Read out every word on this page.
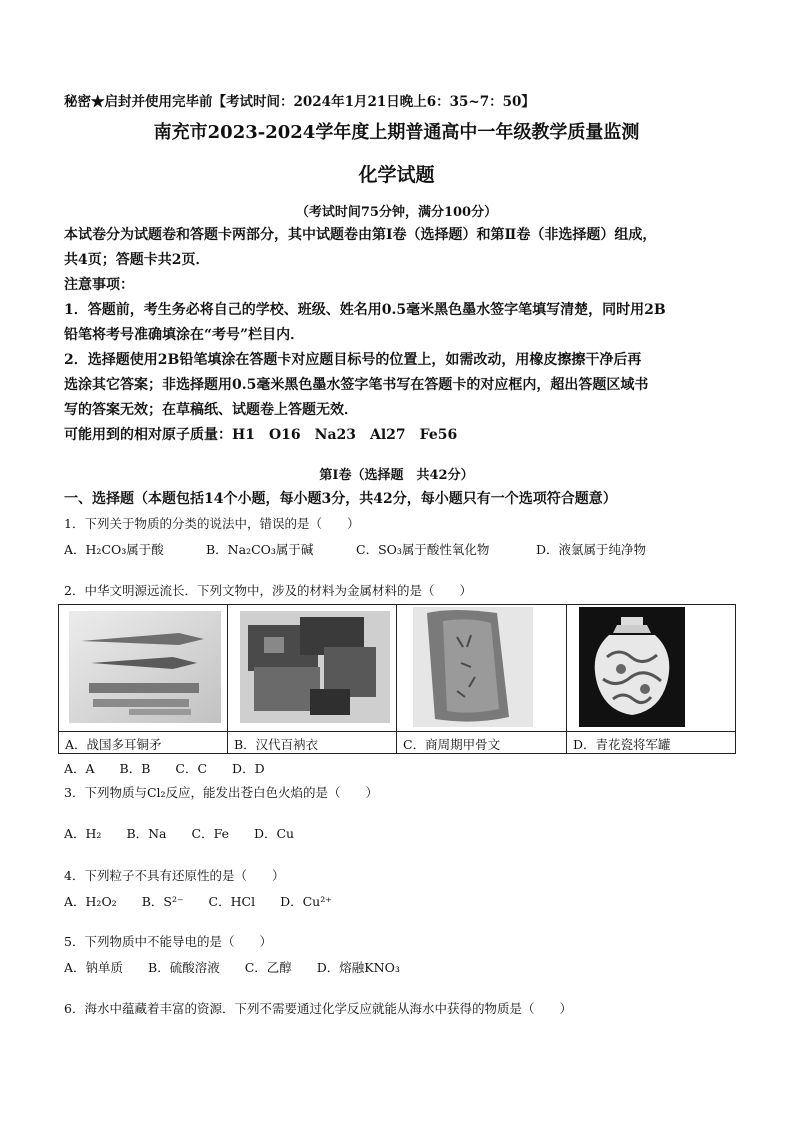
秘密★启封并使用完毕前【考试时间：2024年1月21日晚上6：35~7：50】
南充市2023-2024学年度上期普通高中一年级教学质量监测
化学试题
（考试时间75分钟，满分100分）
本试卷分为试题卷和答题卡两部分，其中试题卷由第Ⅰ卷（选择题）和第Ⅱ卷（非选择题）组成，
共4页；答题卡共2页．
注意事项：
1．答题前，考生务必将自己的学校、班级、姓名用0.5毫米黑色墨水签字笔填写清楚，同时用2B
铅笔将考号准确填涂在“考号”栏目内．
2．选择题使用2B铅笔填涂在答题卡对应题目标号的位置上，如需改动，用橡皮擦擦干净后再
选涂其它答案；非选择题用0.5毫米黑色墨水签字笔书写在答题卡的对应框内，超出答题区域书
写的答案无效；在草稿纸、试题卷上答题无效．
可能用到的相对原子质量：H1　O16　Na23　Al27　Fe56
第Ⅰ卷（选择题　共42分）
一、选择题（本题包括14个小题，每小题3分，共42分，每小题只有一个选项符合题意）
1．下列关于物质的分类的说法中，错误的是（　　）
A．H₂CO₃属于酸	B．Na₂CO₃属于碱	C．SO₃属于酸性氧化物	D．液氯属于纯净物
2．中华文明源远流长．下列文物中，涉及的材料为金属材料的是（　　）
A．战国多耳铜矛	B．汉代百衲衣	C．商周期甲骨文	D．青花瓷将军罐
A．A　　B．B　　C．C　　D．D
3．下列物质与Cl₂反应，能发出苍白色火焰的是（　　）
A．H₂　　B．Na　　C．Fe　　D．Cu
4．下列粒子不具有还原性的是（　　）
A．H₂O₂　　B．S²⁻　　C．HCl　　D．Cu²⁺
5．下列物质中不能导电的是（　　）
A．钠单质　　B．硫酸溶液　　C．乙醇　　D．熔融KNO₃
6．海水中蕴藏着丰富的资源．下列不需要通过化学反应就能从海水中获得的物质是（　　）
